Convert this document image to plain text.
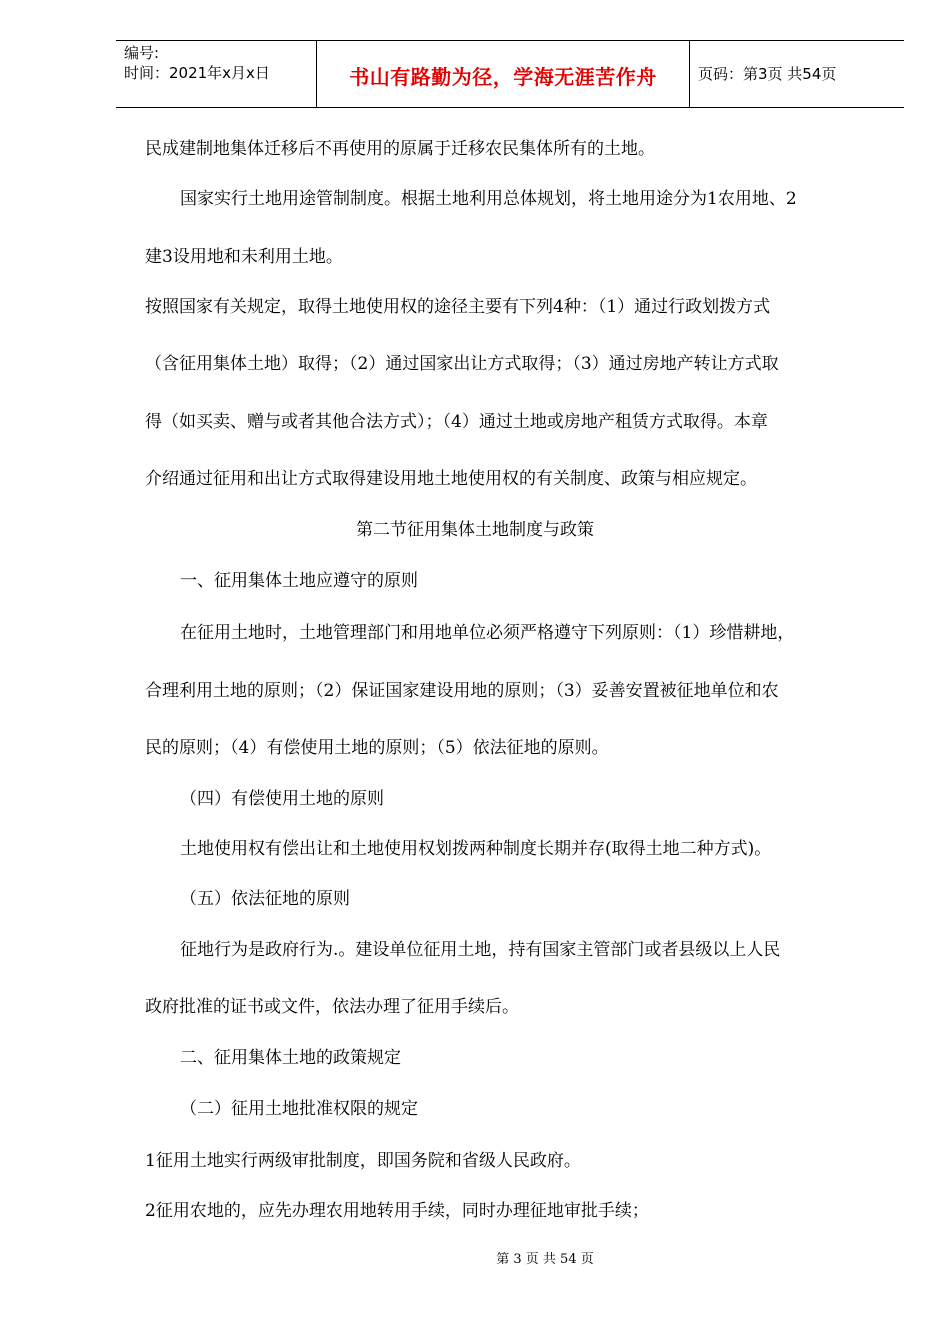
编号:
时间：2021年x月x日	书山有路勤为径，学海无涯苦作舟	页码：第3页 共54页
民成建制地集体迁移后不再使用的原属于迁移农民集体所有的土地。
国家实行土地用途管制制度。根据土地利用总体规划，将土地用途分为1农用地、2
建3设用地和未利用土地。
按照国家有关规定，取得土地使用权的途径主要有下列4种：（1）通过行政划拨方式
（含征用集体土地）取得；（2）通过国家出让方式取得；（3）通过房地产转让方式取
得（如买卖、赠与或者其他合法方式）；（4）通过土地或房地产租赁方式取得。本章
介绍通过征用和出让方式取得建设用地土地使用权的有关制度、政策与相应规定。
第二节征用集体土地制度与政策
一、征用集体土地应遵守的原则
在征用土地时，土地管理部门和用地单位必须严格遵守下列原则：（1）珍惜耕地，
合理利用土地的原则；（2）保证国家建设用地的原则；（3）妥善安置被征地单位和农
民的原则；（4）有偿使用土地的原则；（5）依法征地的原则。
（四）有偿使用土地的原则
土地使用权有偿出让和土地使用权划拨两种制度长期并存(取得土地二种方式)。
（五）依法征地的原则
征地行为是政府行为.。建设单位征用土地，持有国家主管部门或者县级以上人民
政府批准的证书或文件，依法办理了征用手续后。
二、征用集体土地的政策规定
（二）征用土地批准权限的规定
1征用土地实行两级审批制度，即国务院和省级人民政府。
2征用农地的，应先办理农用地转用手续，同时办理征地审批手续；
第 3 页 共 54 页
